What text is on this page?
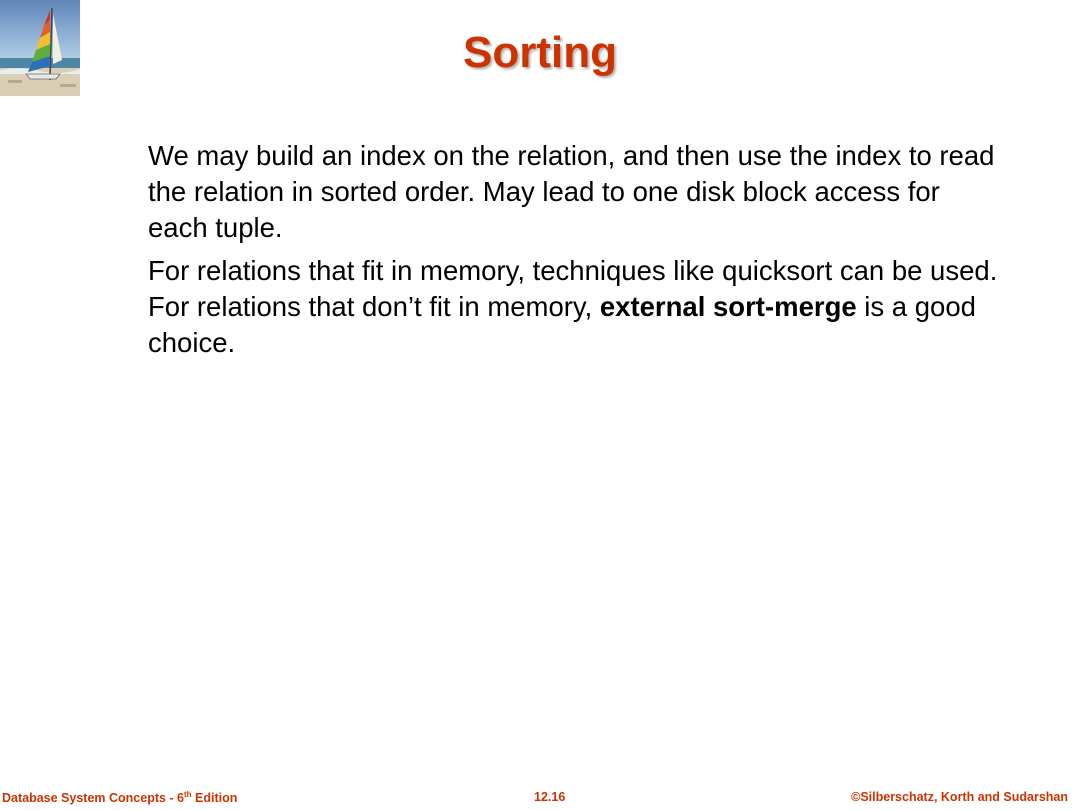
Sorting

We may build an index on the relation, and then use the index to read the relation in sorted order. May lead to one disk block access for each tuple.

For relations that fit in memory, techniques like quicksort can be used. For relations that don’t fit in memory, external sort-merge is a good choice.

Database System Concepts - 6th Edition	12.16	©Silberschatz, Korth and Sudarshan
